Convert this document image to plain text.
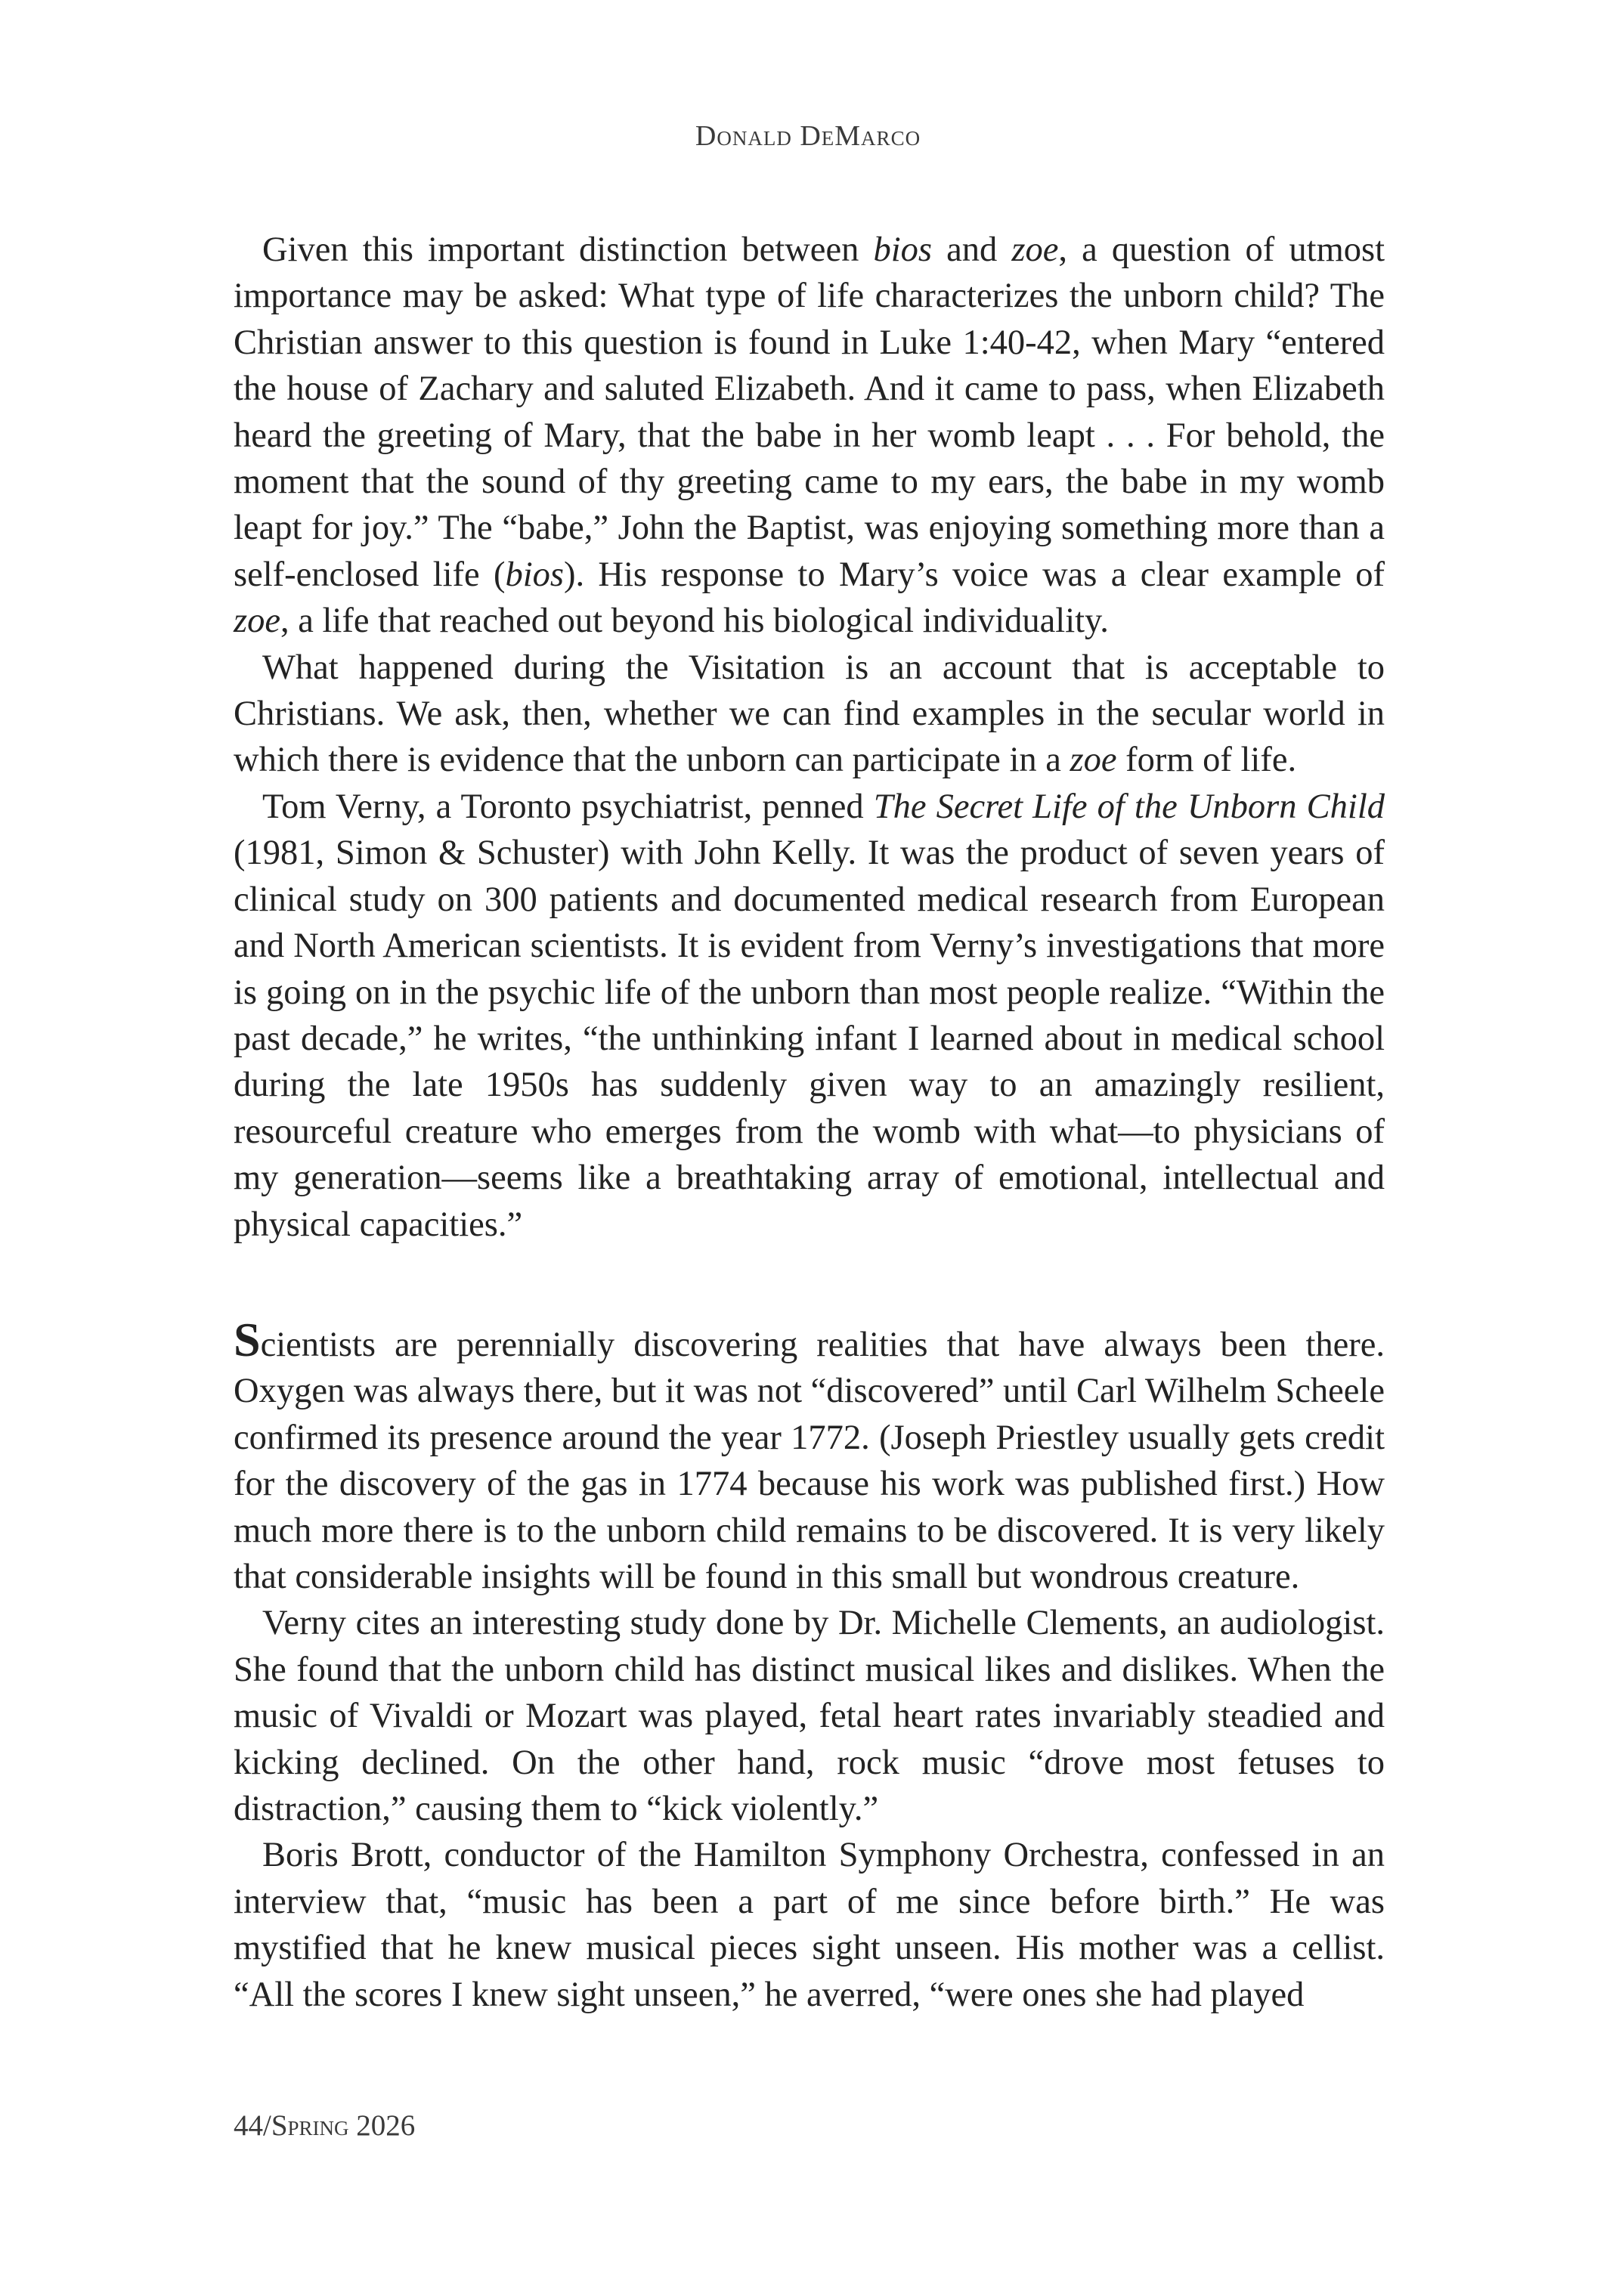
Donald DeMarco

Given this important distinction between bios and zoe, a question of utmost importance may be asked: What type of life characterizes the unborn child? The Christian answer to this question is found in Luke 1:40-42, when Mary “entered the house of Zachary and saluted Elizabeth. And it came to pass, when Elizabeth heard the greeting of Mary, that the babe in her womb leapt . . . For behold, the moment that the sound of thy greeting came to my ears, the babe in my womb leapt for joy.” The “babe,” John the Baptist, was enjoying something more than a self-enclosed life (bios). His response to Mary’s voice was a clear example of zoe, a life that reached out beyond his biological individuality.

What happened during the Visitation is an account that is acceptable to Christians. We ask, then, whether we can find examples in the secular world in which there is evidence that the unborn can participate in a zoe form of life.

Tom Verny, a Toronto psychiatrist, penned The Secret Life of the Unborn Child (1981, Simon & Schuster) with John Kelly. It was the product of seven years of clinical study on 300 patients and documented medical research from European and North American scientists. It is evident from Verny’s investigations that more is going on in the psychic life of the unborn than most people realize. “Within the past decade,” he writes, “the unthinking infant I learned about in medical school during the late 1950s has suddenly given way to an amazingly resilient, resourceful creature who emerges from the womb with what—to physicians of my generation—seems like a breathtaking array of emotional, intellectual and physical capacities.”

Scientists are perennially discovering realities that have always been there. Oxygen was always there, but it was not “discovered” until Carl Wilhelm Scheele confirmed its presence around the year 1772. (Joseph Priestley usually gets credit for the discovery of the gas in 1774 because his work was published first.) How much more there is to the unborn child remains to be discovered. It is very likely that considerable insights will be found in this small but wondrous creature.

Verny cites an interesting study done by Dr. Michelle Clements, an audiologist. She found that the unborn child has distinct musical likes and dislikes. When the music of Vivaldi or Mozart was played, fetal heart rates invariably steadied and kicking declined. On the other hand, rock music “drove most fetuses to distraction,” causing them to “kick violently.”

Boris Brott, conductor of the Hamilton Symphony Orchestra, confessed in an interview that, “music has been a part of me since before birth.” He was mystified that he knew musical pieces sight unseen. His mother was a cellist. “All the scores I knew sight unseen,” he averred, “were ones she had played

44/Spring 2026
